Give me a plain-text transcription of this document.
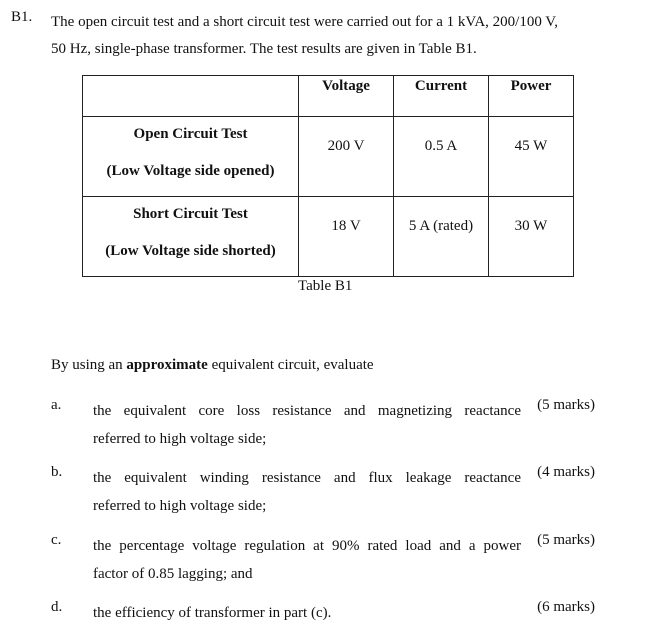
B1. The open circuit test and a short circuit test were carried out for a 1 kVA, 200/100 V,
50 Hz, single-phase transformer. The test results are given in Table B1.
	Voltage	Current	Power

Open Circuit Test
(Low Voltage side opened)	200 V	0.5 A	45 W

Short Circuit Test
(Low Voltage side shorted)	18 V	5 A (rated)	30 W
Table B1
By using an approximate equivalent circuit, evaluate
a. the equivalent core loss resistance and magnetizing reactance
referred to high voltage side;
(5 marks)
b. the equivalent winding resistance and flux leakage reactance
referred to high voltage side;
(4 marks)
c. the percentage voltage regulation at 90% rated load and a power
factor of 0.85 lagging; and
(5 marks)
d. the efficiency of transformer in part (c).	(6 marks)
